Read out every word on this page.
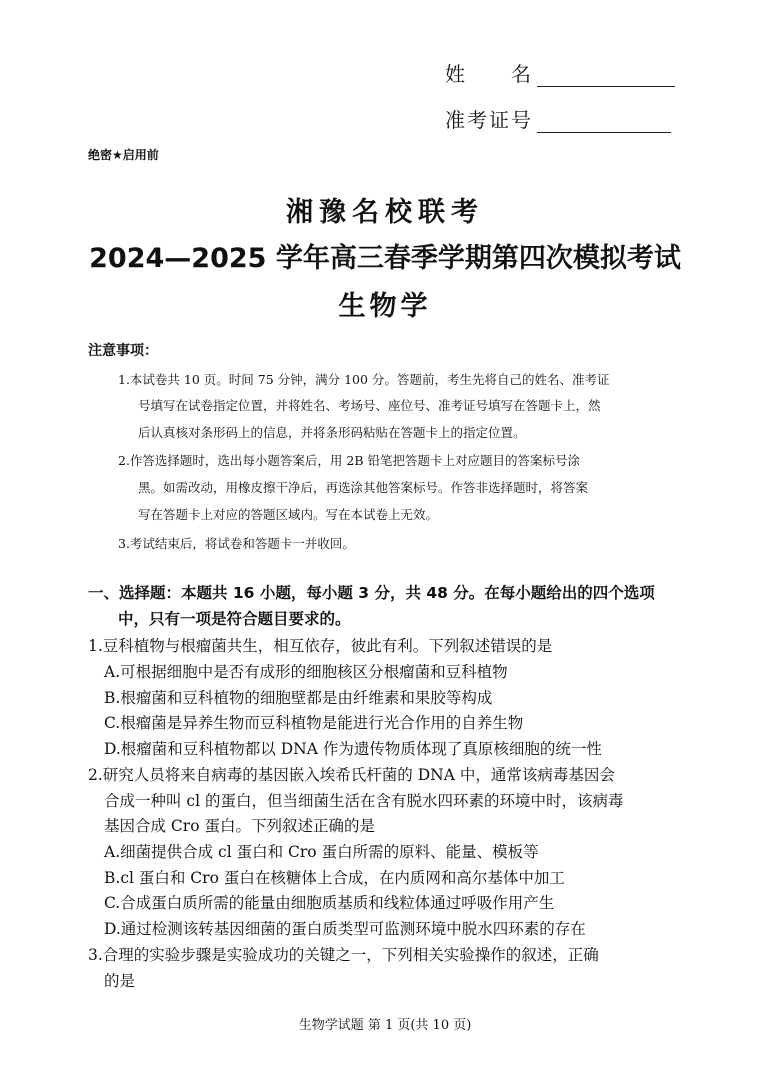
姓　　名
准考证号
绝密★启用前
湘豫名校联考
2024—2025 学年高三春季学期第四次模拟考试
生物学
注意事项：
1.本试卷共 10 页。时间 75 分钟，满分 100 分。答题前，考生先将自己的姓名、准考证
号填写在试卷指定位置，并将姓名、考场号、座位号、准考证号填写在答题卡上，然
后认真核对条形码上的信息，并将条形码粘贴在答题卡上的指定位置。
2.作答选择题时，选出每小题答案后，用 2B 铅笔把答题卡上对应题目的答案标号涂
黑。如需改动，用橡皮擦干净后，再选涂其他答案标号。作答非选择题时，将答案
写在答题卡上对应的答题区域内。写在本试卷上无效。
3.考试结束后，将试卷和答题卡一并收回。
一、选择题：本题共 16 小题，每小题 3 分，共 48 分。在每小题给出的四个选项
中，只有一项是符合题目要求的。
1.豆科植物与根瘤菌共生，相互依存，彼此有利。下列叙述错误的是
A.可根据细胞中是否有成形的细胞核区分根瘤菌和豆科植物
B.根瘤菌和豆科植物的细胞壁都是由纤维素和果胶等构成
C.根瘤菌是异养生物而豆科植物是能进行光合作用的自养生物
D.根瘤菌和豆科植物都以 DNA 作为遗传物质体现了真原核细胞的统一性
2.研究人员将来自病毒的基因嵌入埃希氏杆菌的 DNA 中，通常该病毒基因会
合成一种叫 cl 的蛋白，但当细菌生活在含有脱水四环素的环境中时，该病毒
基因合成 Cro 蛋白。下列叙述正确的是
A.细菌提供合成 cl 蛋白和 Cro 蛋白所需的原料、能量、模板等
B.cl 蛋白和 Cro 蛋白在核糖体上合成，在内质网和高尔基体中加工
C.合成蛋白质所需的能量由细胞质基质和线粒体通过呼吸作用产生
D.通过检测该转基因细菌的蛋白质类型可监测环境中脱水四环素的存在
3.合理的实验步骤是实验成功的关键之一，下列相关实验操作的叙述，正确
的是
生物学试题 第 1 页(共 10 页)
